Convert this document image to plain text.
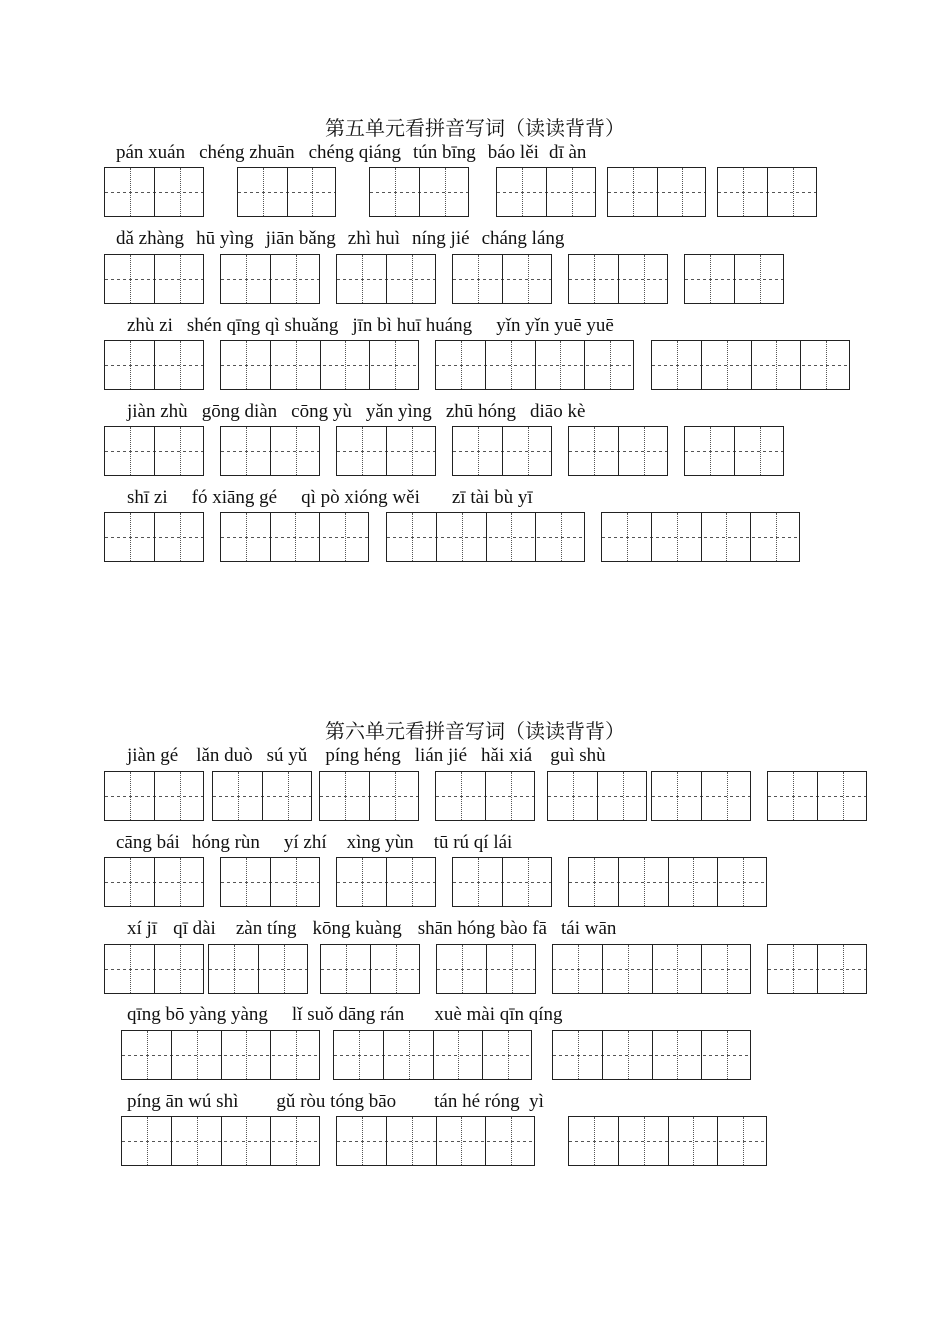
第五单元看拼音写词（读读背背）
pán xuán chéng zhuān chéng qiáng tún bīng báo lěi dī àn
dǎ zhàng hū yìng jiān bǎng zhì huì níng jié cháng láng
zhù zi shén qīng qì shuǎng jīn bì huī huáng yǐn yǐn yuē yuē
jiàn zhù gōng diàn cōng yù yǎn yìng zhū hóng diāo kè
shī zi fó xiāng gé qì pò xióng wěi zī tài bù yī
第六单元看拼音写词（读读背背）
jiàn gé lǎn duò sú yǔ píng héng lián jié hǎi xiá guì shù
cāng bái hóng rùn yí zhí xìng yùn tū rú qí lái
xí jī qī dài zàn tíng kōng kuàng shān hóng bào fā tái wān
qīng bō yàng yàng lǐ suǒ dāng rán xuè mài qīn qíng
píng ān wú shì gǔ ròu tóng bāo tán hé róng  yì
